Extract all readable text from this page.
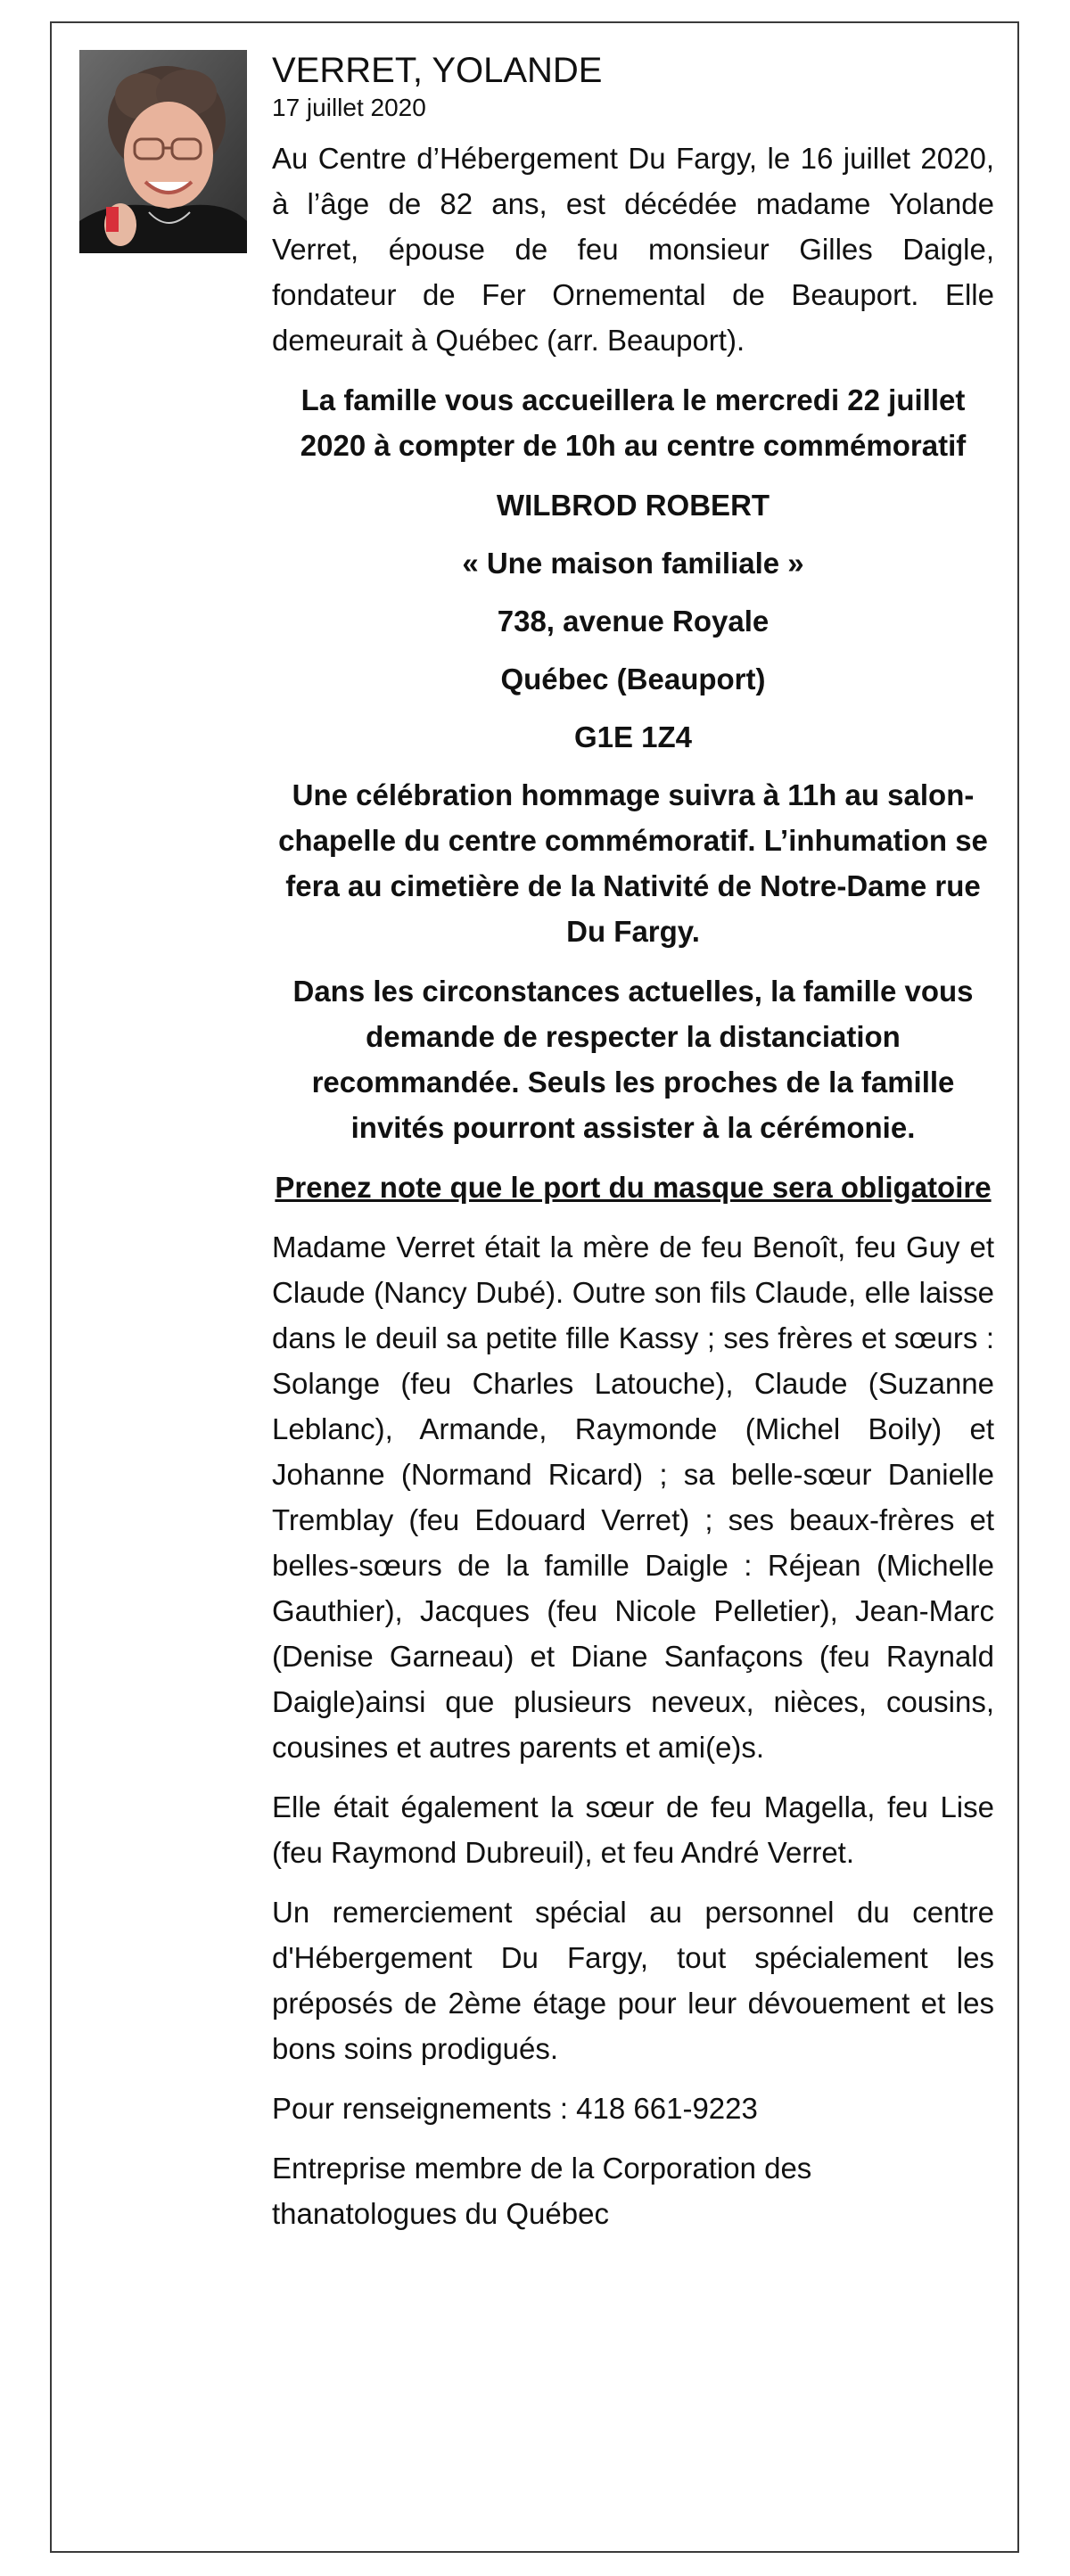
VERRET, YOLANDE
17 juillet 2020

Au Centre d’Hébergement Du Fargy, le 16 juillet 2020, à l’âge de 82 ans, est décédée madame Yolande Verret, épouse de feu monsieur Gilles Daigle, fondateur de Fer Ornemental de Beauport. Elle demeurait à Québec (arr. Beauport).

La famille vous accueillera le mercredi 22 juillet 2020 à compter de 10h au centre commémoratif

WILBROD ROBERT

« Une maison familiale »

738, avenue Royale

Québec (Beauport)

G1E 1Z4

Une célébration hommage suivra à 11h au salon-chapelle du centre commémoratif. L’inhumation se fera au cimetière de la Nativité de Notre-Dame rue Du Fargy.

Dans les circonstances actuelles, la famille vous demande de respecter la distanciation recommandée. Seuls les proches de la famille invités pourront assister à la cérémonie.

Prenez note que le port du masque sera obligatoire

Madame Verret était la mère de feu Benoît, feu Guy et Claude (Nancy Dubé). Outre son fils Claude, elle laisse dans le deuil sa petite fille Kassy ; ses frères et sœurs : Solange (feu Charles Latouche), Claude (Suzanne Leblanc), Armande, Raymonde (Michel Boily) et Johanne (Normand Ricard) ; sa belle-sœur Danielle Tremblay (feu Edouard Verret) ; ses beaux-frères et belles-sœurs de la famille Daigle : Réjean (Michelle Gauthier), Jacques (feu Nicole Pelletier), Jean-Marc (Denise Garneau) et Diane Sanfaçons (feu Raynald Daigle)ainsi que plusieurs neveux, nièces, cousins, cousines et autres parents et ami(e)s.

Elle était également la sœur de feu Magella, feu Lise (feu Raymond Dubreuil), et feu André Verret.

Un remerciement spécial au personnel du centre d'Hébergement Du Fargy, tout spécialement les préposés de 2ème étage pour leur dévouement et les bons soins prodigués.

Pour renseignements : 418 661-9223

Entreprise membre de la Corporation des thanatologues du Québec
